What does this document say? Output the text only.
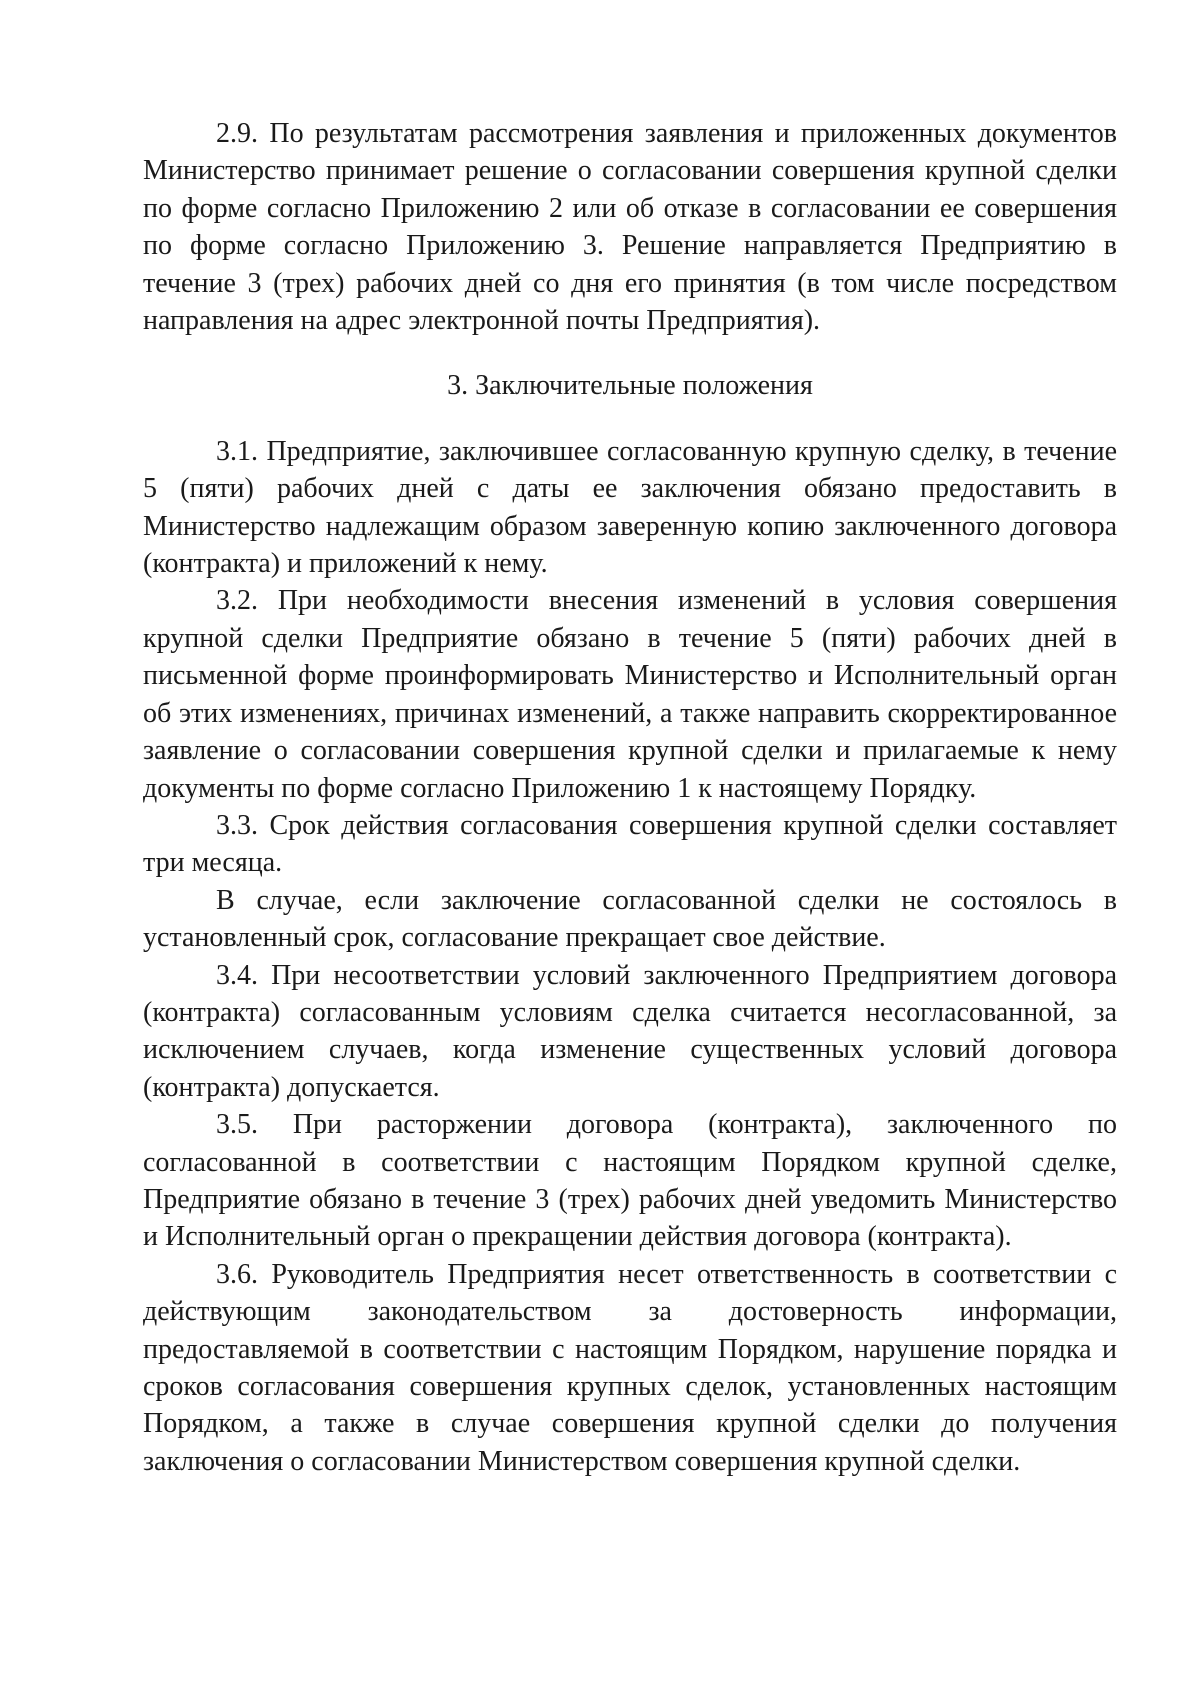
2.9. По результатам рассмотрения заявления и приложенных документов Министерство принимает решение о согласовании совершения крупной сделки по форме согласно Приложению 2 или об отказе в согласовании ее совершения по форме согласно Приложению 3. Решение направляется Предприятию в течение 3 (трех) рабочих дней со дня его принятия (в том числе посредством направления на адрес электронной почты Предприятия).

3. Заключительные положения

3.1. Предприятие, заключившее согласованную крупную сделку, в течение 5 (пяти) рабочих дней с даты ее заключения обязано предоставить в Министерство надлежащим образом заверенную копию заключенного договора (контракта) и приложений к нему.

3.2. При необходимости внесения изменений в условия совершения крупной сделки Предприятие обязано в течение 5 (пяти) рабочих дней в письменной форме проинформировать Министерство и Исполнительный орган об этих изменениях, причинах изменений, а также направить скорректированное заявление о согласовании совершения крупной сделки и прилагаемые к нему документы по форме согласно Приложению 1 к настоящему Порядку.

3.3. Срок действия согласования совершения крупной сделки составляет три месяца.

В случае, если заключение согласованной сделки не состоялось в установленный срок, согласование прекращает свое действие.

3.4. При несоответствии условий заключенного Предприятием договора (контракта) согласованным условиям сделка считается несогласованной, за исключением случаев, когда изменение существенных условий договора (контракта) допускается.

3.5. При расторжении договора (контракта), заключенного по согласованной в соответствии с настоящим Порядком крупной сделке, Предприятие обязано в течение 3 (трех) рабочих дней уведомить Министерство и Исполнительный орган о прекращении действия договора (контракта).

3.6. Руководитель Предприятия несет ответственность в соответствии с действующим законодательством за достоверность информации, предоставляемой в соответствии с настоящим Порядком, нарушение порядка и сроков согласования совершения крупных сделок, установленных настоящим Порядком, а также в случае совершения крупной сделки до получения заключения о согласовании Министерством совершения крупной сделки.
